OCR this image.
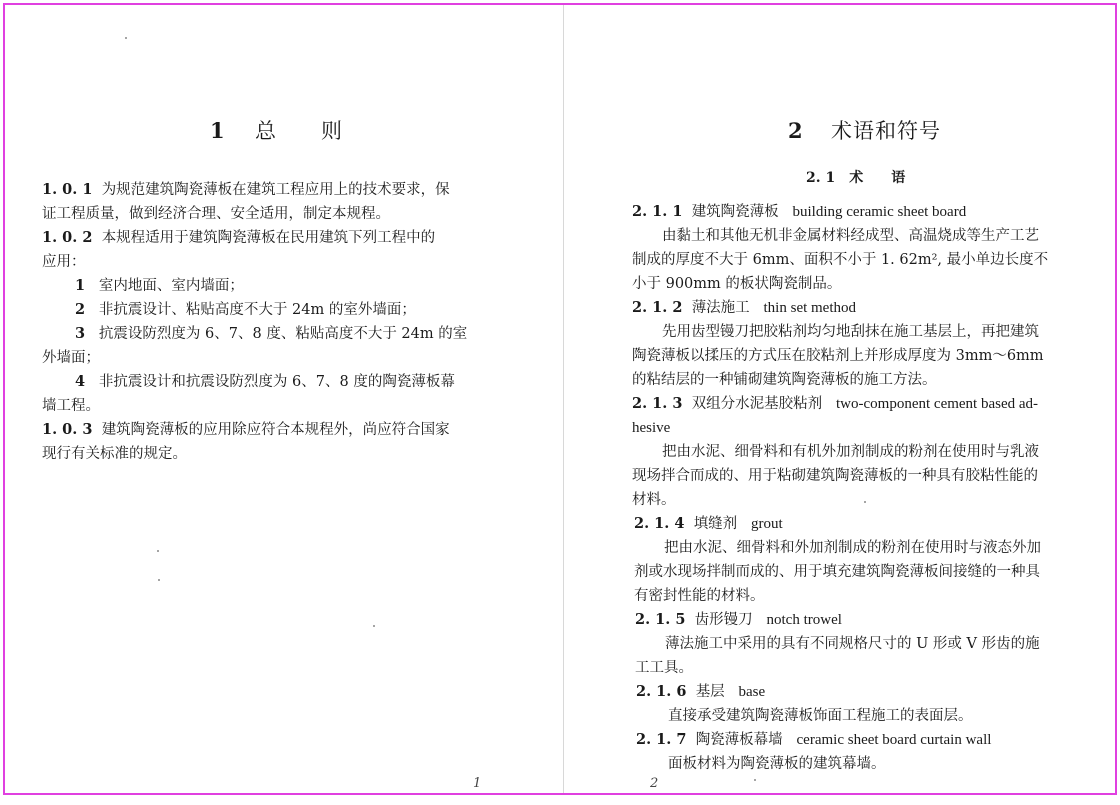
1 总　　则
1. 0. 1 为规范建筑陶瓷薄板在建筑工程应用上的技术要求，保
证工程质量，做到经济合理、安全适用，制定本规程。
1. 0. 2 本规程适用于建筑陶瓷薄板在民用建筑下列工程中的
应用：
1 室内地面、室内墙面；
2 非抗震设计、粘贴高度不大于 24m 的室外墙面；
3 抗震设防烈度为 6、7、8 度、粘贴高度不大于 24m 的室
外墙面；
4 非抗震设计和抗震设防烈度为 6、7、8 度的陶瓷薄板幕
墙工程。
1. 0. 3 建筑陶瓷薄板的应用除应符合本规程外，尚应符合国家
现行有关标准的规定。
1
2 术语和符号
2. 1　术　　语
2. 1. 1 建筑陶瓷薄板 building ceramic sheet board
由黏土和其他无机非金属材料经成型、高温烧成等生产工艺
制成的厚度不大于 6mm、面积不小于 1. 62m², 最小单边长度不
小于 900mm 的板状陶瓷制品。
2. 1. 2 薄法施工 thin set method
先用齿型镘刀把胶粘剂均匀地刮抹在施工基层上，再把建筑
陶瓷薄板以揉压的方式压在胶粘剂上并形成厚度为 3mm～6mm
的粘结层的一种铺砌建筑陶瓷薄板的施工方法。
2. 1. 3 双组分水泥基胶粘剂 two-component cement based ad-
hesive
把由水泥、细骨料和有机外加剂制成的粉剂在使用时与乳液
现场拌合而成的、用于粘砌建筑陶瓷薄板的一种具有胶粘性能的
材料。
2. 1. 4 填缝剂 grout
把由水泥、细骨料和外加剂制成的粉剂在使用时与液态外加
剂或水现场拌制而成的、用于填充建筑陶瓷薄板间接缝的一种具
有密封性能的材料。
2. 1. 5 齿形镘刀 notch trowel
薄法施工中采用的具有不同规格尺寸的 U 形或 V 形齿的施
工工具。
2. 1. 6 基层 base
直接承受建筑陶瓷薄板饰面工程施工的表面层。
2. 1. 7 陶瓷薄板幕墙 ceramic sheet board curtain wall
面板材料为陶瓷薄板的建筑幕墙。
2
